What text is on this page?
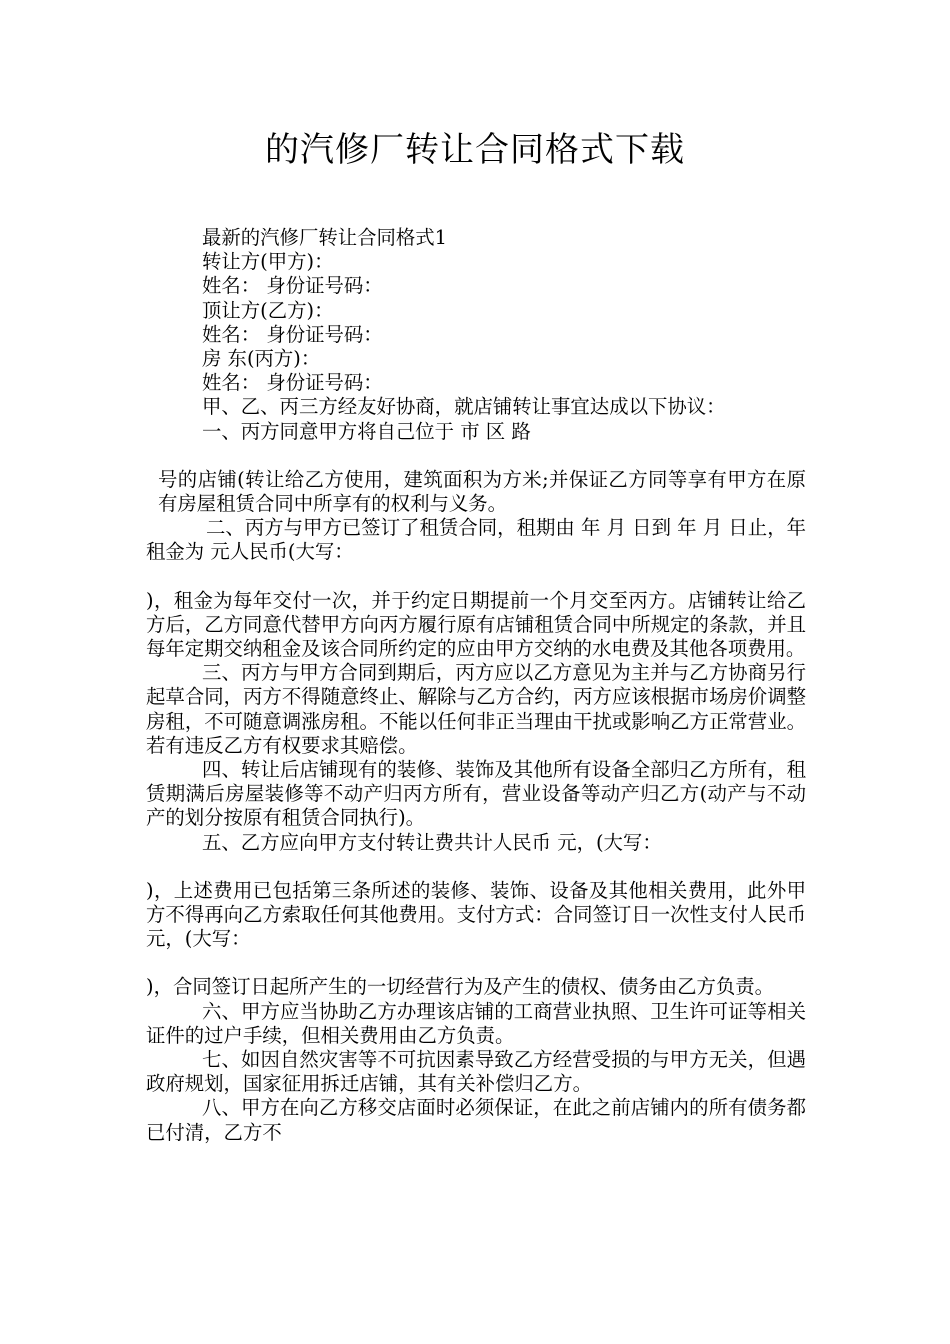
的汽修厂转让合同格式下载
最新的汽修厂转让合同格式1
转让方(甲方)：
姓名： 身份证号码：
顶让方(乙方)：
姓名： 身份证号码：
房 东(丙方)：
姓名： 身份证号码：
甲、乙、丙三方经友好协商，就店铺转让事宜达成以下协议：
一、丙方同意甲方将自己位于 市 区 路
号的店铺(转让给乙方使用，建筑面积为方米;并保证乙方同等享有甲方在原有房屋租赁合同中所享有的权利与义务。
二、丙方与甲方已签订了租赁合同，租期由 年 月 日到 年 月 日止，年租金为 元人民币(大写：
)，租金为每年交付一次，并于约定日期提前一个月交至丙方。店铺转让给乙方后，乙方同意代替甲方向丙方履行原有店铺租赁合同中所规定的条款，并且每年定期交纳租金及该合同所约定的应由甲方交纳的水电费及其他各项费用。
三、丙方与甲方合同到期后，丙方应以乙方意见为主并与乙方协商另行起草合同，丙方不得随意终止、解除与乙方合约，丙方应该根据市场房价调整房租，不可随意调涨房租。不能以任何非正当理由干扰或影响乙方正常营业。若有违反乙方有权要求其赔偿。
四、转让后店铺现有的装修、装饰及其他所有设备全部归乙方所有，租赁期满后房屋装修等不动产归丙方所有，营业设备等动产归乙方(动产与不动产的划分按原有租赁合同执行)。
五、乙方应向甲方支付转让费共计人民币 元，(大写：
)，上述费用已包括第三条所述的装修、装饰、设备及其他相关费用，此外甲方不得再向乙方索取任何其他费用。支付方式：合同签订日一次性支付人民币 元，(大写：
)，合同签订日起所产生的一切经营行为及产生的债权、债务由乙方负责。
六、甲方应当协助乙方办理该店铺的工商营业执照、卫生许可证等相关证件的过户手续，但相关费用由乙方负责。
七、如因自然灾害等不可抗因素导致乙方经营受损的与甲方无关，但遇政府规划，国家征用拆迁店铺，其有关补偿归乙方。
八、甲方在向乙方移交店面时必须保证，在此之前店铺内的所有债务都已付清，乙方不
